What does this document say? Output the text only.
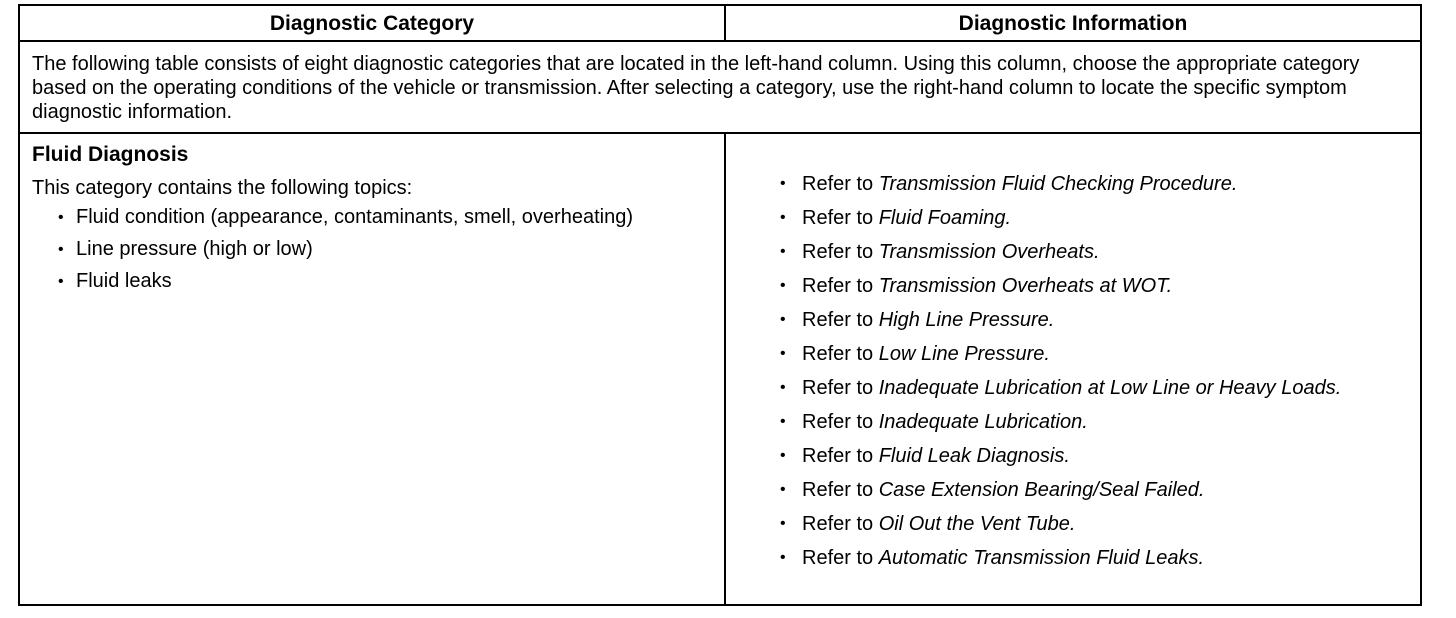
Diagnostic Category	Diagnostic Information
The following table consists of eight diagnostic categories that are located in the left-hand column. Using this column, choose the appropriate category based on the operating conditions of the vehicle or transmission. After selecting a category, use the right-hand column to locate the specific symptom diagnostic information.
Fluid Diagnosis
This category contains the following topics:
• Fluid condition (appearance, contaminants, smell, overheating)
• Line pressure (high or low)
• Fluid leaks
• Refer to Transmission Fluid Checking Procedure.
• Refer to Fluid Foaming.
• Refer to Transmission Overheats.
• Refer to Transmission Overheats at WOT.
• Refer to High Line Pressure.
• Refer to Low Line Pressure.
• Refer to Inadequate Lubrication at Low Line or Heavy Loads.
• Refer to Inadequate Lubrication.
• Refer to Fluid Leak Diagnosis.
• Refer to Case Extension Bearing/Seal Failed.
• Refer to Oil Out the Vent Tube.
• Refer to Automatic Transmission Fluid Leaks.
